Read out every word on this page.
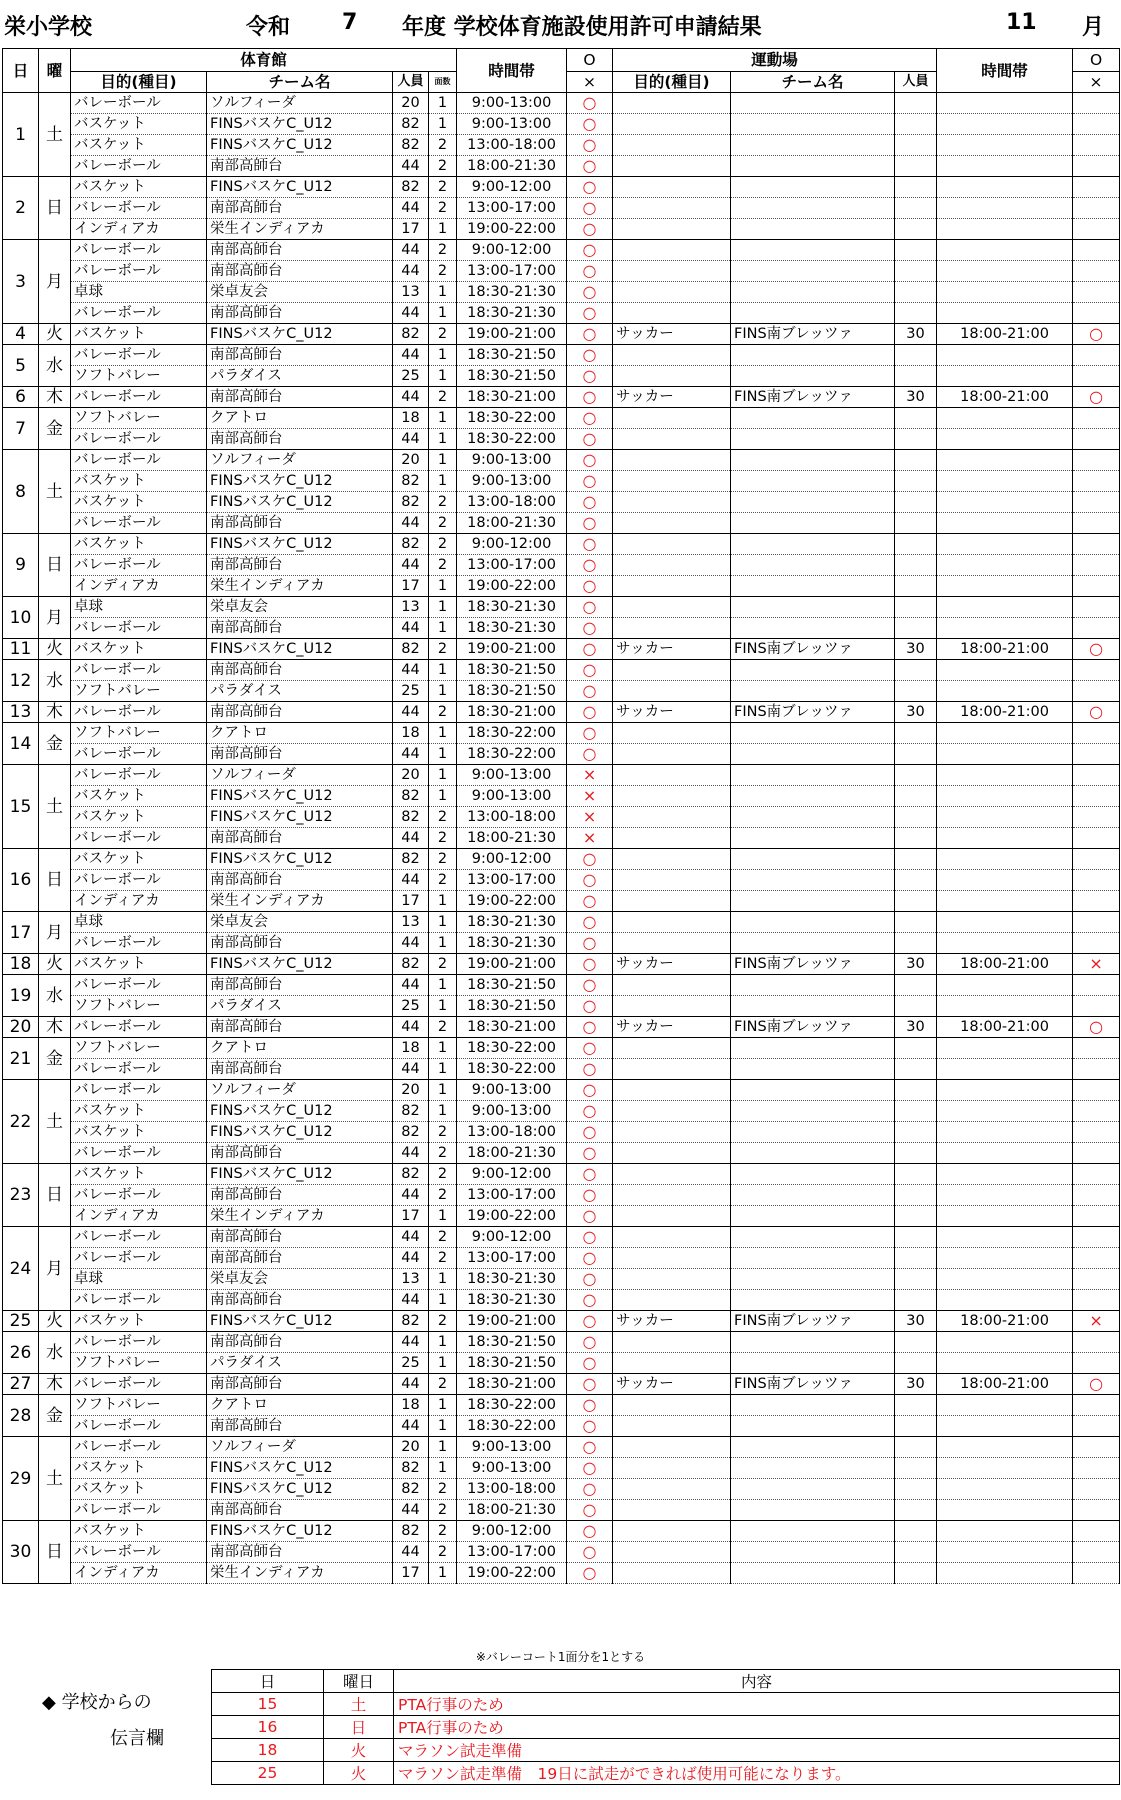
栄小学校	令和 7 年度 学校体育施設使用許可申請結果	11 月
日	曜	体育館				時間帯	O	運動場			時間帯	O
		目的(種目)	チーム名	人員	面数		×	目的(種目)	チーム名	人員		×
1	土	バレーボール	ソルフィーダ	20	1	9:00-13:00	○					
		バスケット	FINSバスケC_U12	82	1	9:00-13:00	○					
		バスケット	FINSバスケC_U12	82	2	13:00-18:00	○					
		バレーボール	南部高師台	44	2	18:00-21:30	○					
2	日	バスケット	FINSバスケC_U12	82	2	9:00-12:00	○					
		バレーボール	南部高師台	44	2	13:00-17:00	○					
		インディアカ	栄生インディアカ	17	1	19:00-22:00	○					
3	月	バレーボール	南部高師台	44	2	9:00-12:00	○					
		バレーボール	南部高師台	44	2	13:00-17:00	○					
		卓球	栄卓友会	13	1	18:30-21:30	○					
		バレーボール	南部高師台	44	1	18:30-21:30	○					
4	火	バスケット	FINSバスケC_U12	82	2	19:00-21:00	○	サッカー	FINS南ブレッツァ	30	18:00-21:00	○
5	水	バレーボール	南部高師台	44	1	18:30-21:50	○					
		ソフトバレー	パラダイス	25	1	18:30-21:50	○					
6	木	バレーボール	南部高師台	44	2	18:30-21:00	○	サッカー	FINS南ブレッツァ	30	18:00-21:00	○
7	金	ソフトバレー	クアトロ	18	1	18:30-22:00	○					
		バレーボール	南部高師台	44	1	18:30-22:00	○					
8	土	バレーボール	ソルフィーダ	20	1	9:00-13:00	○					
		バスケット	FINSバスケC_U12	82	1	9:00-13:00	○					
		バスケット	FINSバスケC_U12	82	2	13:00-18:00	○					
		バレーボール	南部高師台	44	2	18:00-21:30	○					
9	日	バスケット	FINSバスケC_U12	82	2	9:00-12:00	○					
		バレーボール	南部高師台	44	2	13:00-17:00	○					
		インディアカ	栄生インディアカ	17	1	19:00-22:00	○					
10	月	卓球	栄卓友会	13	1	18:30-21:30	○					
		バレーボール	南部高師台	44	1	18:30-21:30	○					
11	火	バスケット	FINSバスケC_U12	82	2	19:00-21:00	○	サッカー	FINS南ブレッツァ	30	18:00-21:00	○
12	水	バレーボール	南部高師台	44	1	18:30-21:50	○					
		ソフトバレー	パラダイス	25	1	18:30-21:50	○					
13	木	バレーボール	南部高師台	44	2	18:30-21:00	○	サッカー	FINS南ブレッツァ	30	18:00-21:00	○
14	金	ソフトバレー	クアトロ	18	1	18:30-22:00	○					
		バレーボール	南部高師台	44	1	18:30-22:00	○					
15	土	バレーボール	ソルフィーダ	20	1	9:00-13:00	×					
		バスケット	FINSバスケC_U12	82	1	9:00-13:00	×					
		バスケット	FINSバスケC_U12	82	2	13:00-18:00	×					
		バレーボール	南部高師台	44	2	18:00-21:30	×					
16	日	バスケット	FINSバスケC_U12	82	2	9:00-12:00	○					
		バレーボール	南部高師台	44	2	13:00-17:00	○					
		インディアカ	栄生インディアカ	17	1	19:00-22:00	○					
17	月	卓球	栄卓友会	13	1	18:30-21:30	○					
		バレーボール	南部高師台	44	1	18:30-21:30	○					
18	火	バスケット	FINSバスケC_U12	82	2	19:00-21:00	○	サッカー	FINS南ブレッツァ	30	18:00-21:00	×
19	水	バレーボール	南部高師台	44	1	18:30-21:50	○					
		ソフトバレー	パラダイス	25	1	18:30-21:50	○					
20	木	バレーボール	南部高師台	44	2	18:30-21:00	○	サッカー	FINS南ブレッツァ	30	18:00-21:00	○
21	金	ソフトバレー	クアトロ	18	1	18:30-22:00	○					
		バレーボール	南部高師台	44	1	18:30-22:00	○					
22	土	バレーボール	ソルフィーダ	20	1	9:00-13:00	○					
		バスケット	FINSバスケC_U12	82	1	9:00-13:00	○					
		バスケット	FINSバスケC_U12	82	2	13:00-18:00	○					
		バレーボール	南部高師台	44	2	18:00-21:30	○					
23	日	バスケット	FINSバスケC_U12	82	2	9:00-12:00	○					
		バレーボール	南部高師台	44	2	13:00-17:00	○					
		インディアカ	栄生インディアカ	17	1	19:00-22:00	○					
24	月	バレーボール	南部高師台	44	2	9:00-12:00	○					
		バレーボール	南部高師台	44	2	13:00-17:00	○					
		卓球	栄卓友会	13	1	18:30-21:30	○					
		バレーボール	南部高師台	44	1	18:30-21:30	○					
25	火	バスケット	FINSバスケC_U12	82	2	19:00-21:00	○	サッカー	FINS南ブレッツァ	30	18:00-21:00	×
26	水	バレーボール	南部高師台	44	1	18:30-21:50	○					
		ソフトバレー	パラダイス	25	1	18:30-21:50	○					
27	木	バレーボール	南部高師台	44	2	18:30-21:00	○	サッカー	FINS南ブレッツァ	30	18:00-21:00	○
28	金	ソフトバレー	クアトロ	18	1	18:30-22:00	○					
		バレーボール	南部高師台	44	1	18:30-22:00	○					
29	土	バレーボール	ソルフィーダ	20	1	9:00-13:00	○					
		バスケット	FINSバスケC_U12	82	1	9:00-13:00	○					
		バスケット	FINSバスケC_U12	82	2	13:00-18:00	○					
		バレーボール	南部高師台	44	2	18:00-21:30	○					
30	日	バスケット	FINSバスケC_U12	82	2	9:00-12:00	○					
		バレーボール	南部高師台	44	2	13:00-17:00	○					
		インディアカ	栄生インディアカ	17	1	19:00-22:00	○					
※バレーコート1面分を1とする
◆ 学校からの
伝言欄
日	曜日	内容
15	土	PTA行事のため
16	日	PTA行事のため
18	火	マラソン試走準備
25	火	マラソン試走準備　19日に試走ができれば使用可能になります。
